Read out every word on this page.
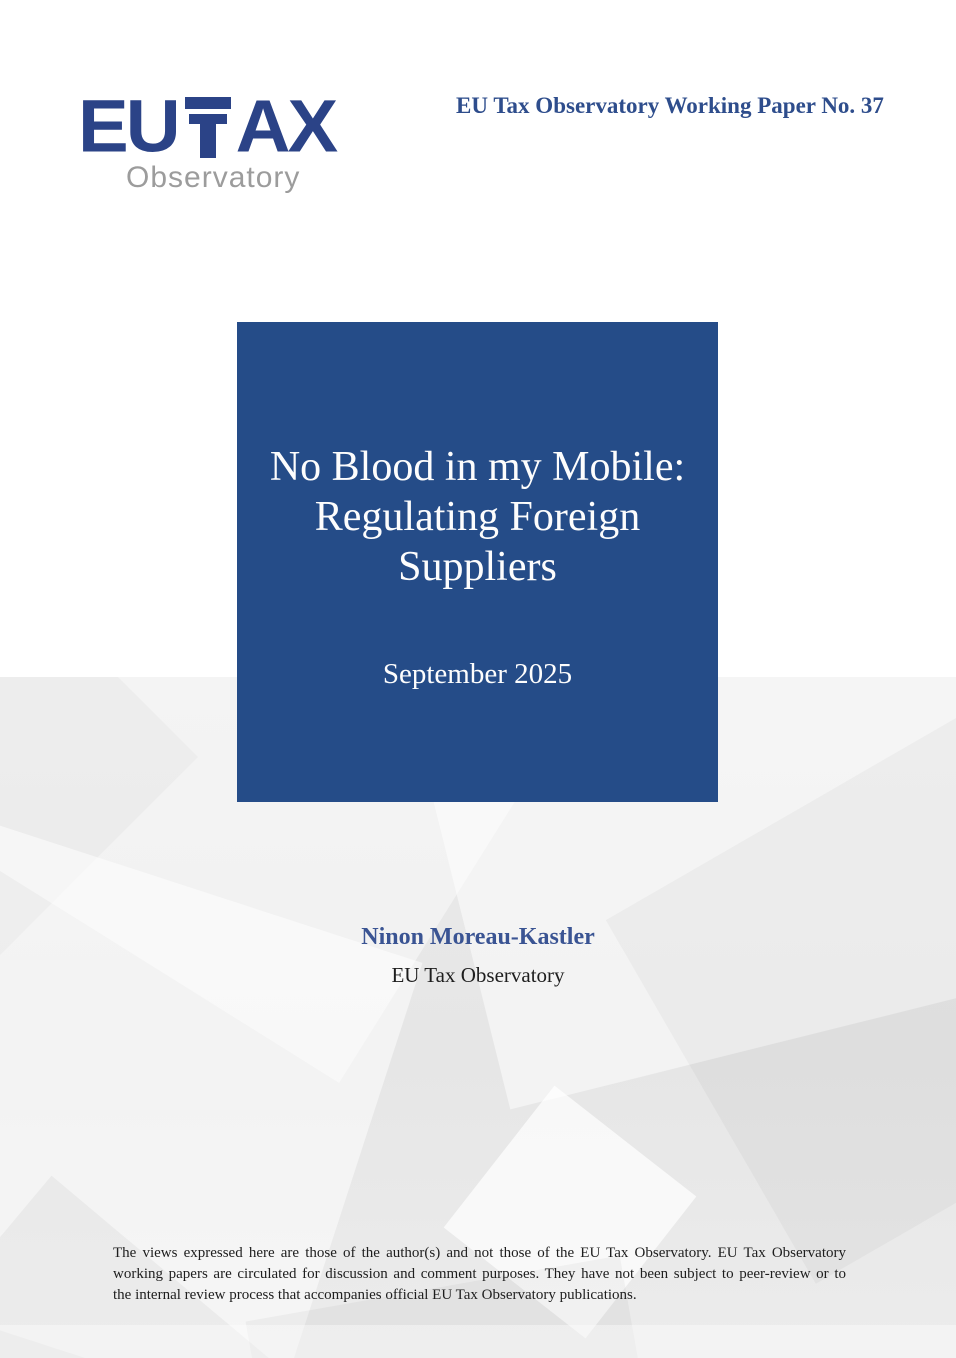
EU AX
Observatory
EU Tax Observatory Working Paper No. 37
No Blood in my Mobile:
Regulating Foreign
Suppliers
September 2025
Ninon Moreau-Kastler
EU Tax Observatory
The views expressed here are those of the author(s) and not those of the EU Tax Observatory. EU Tax Observatory
working papers are circulated for discussion and comment purposes. They have not been subject to peer-review or to
the internal review process that accompanies official EU Tax Observatory publications.
